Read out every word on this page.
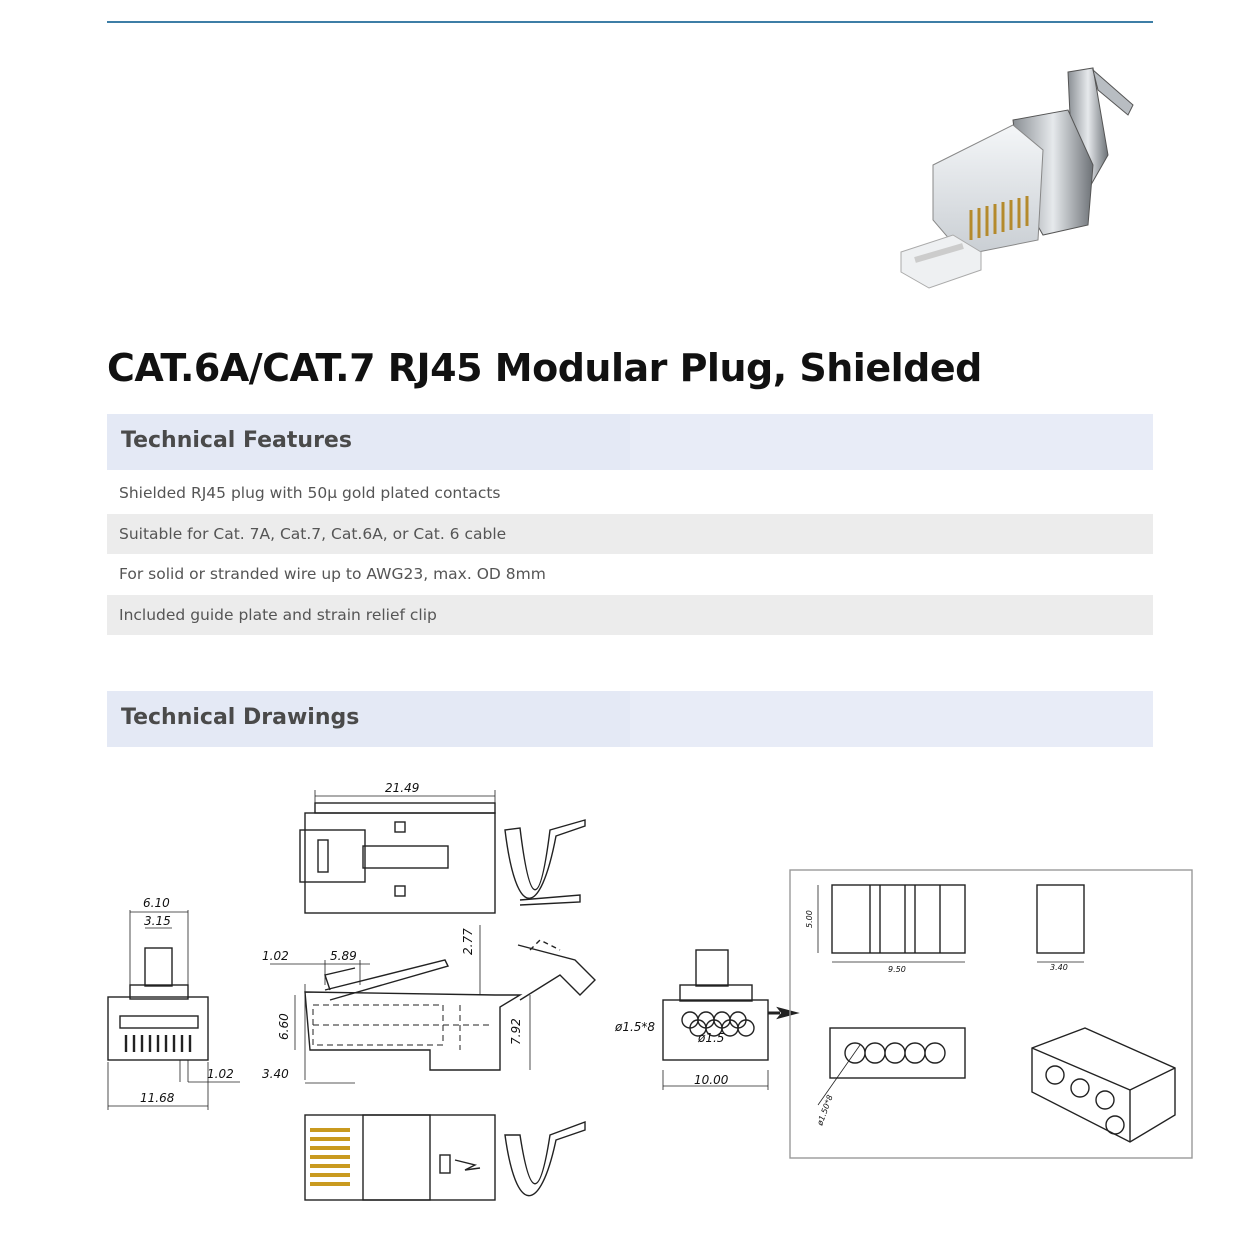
CAT.6A/CAT.7 RJ45 Modular Plug, Shielded
Technical Features
Shielded RJ45 plug with 50μ gold plated contacts
Suitable for Cat. 7A, Cat.7, Cat.6A, or Cat. 6 cable
For solid or stranded wire up to AWG23, max. OD 8mm
Included guide plate and strain relief clip
Technical Drawings
21.49
6.10
3.15
1.02
11.68
1.02	5.89
2.77
6.60	7.92
3.40
ø1.5*8
ø1.5
10.00
5.00
9.50	3.40
ø1.50*8
